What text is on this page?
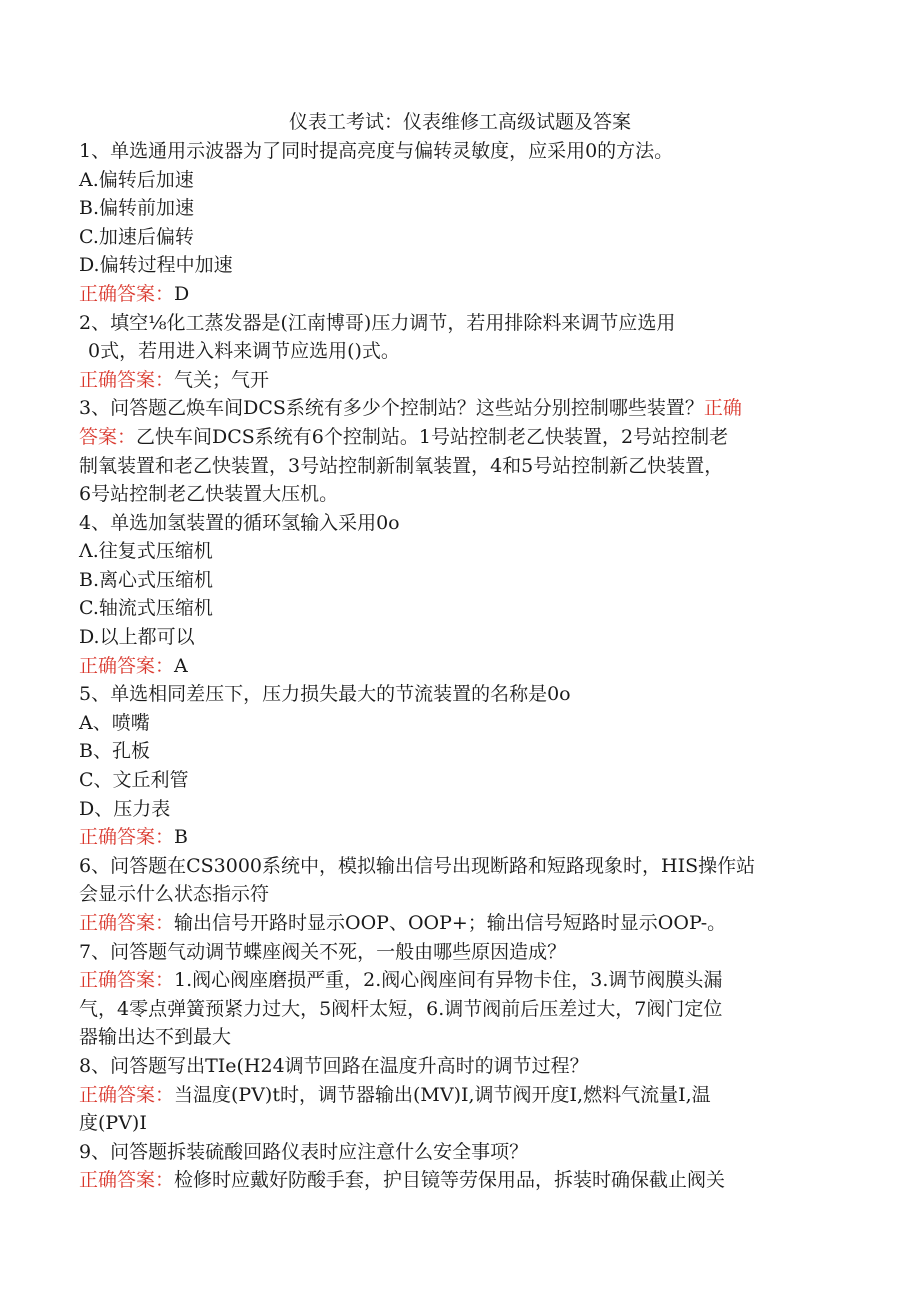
仪表工考试：仪表维修工高级试题及答案
1、单选通用示波器为了同时提高亮度与偏转灵敏度，应采用0的方法。
A.偏转后加速
B.偏转前加速
C.加速后偏转
D.偏转过程中加速
正确答案：D
2、填空⅛化工蒸发器是(江南博哥)压力调节，若用排除料来调节应选用
0式，若用进入料来调节应选用()式。
正确答案：气关；气开
3、问答题乙焕车间DCS系统有多少个控制站？这些站分别控制哪些装置？正确
答案：乙快车间DCS系统有6个控制站。1号站控制老乙快装置，2号站控制老
制氧装置和老乙快装置，3号站控制新制氧装置，4和5号站控制新乙快装置，
6号站控制老乙快装置大压机。
4、单选加氢装置的循环氢输入采用0o
Λ.往复式压缩机
B.离心式压缩机
C.轴流式压缩机
D.以上都可以
正确答案：A
5、单选相同差压下，压力损失最大的节流装置的名称是0o
A、喷嘴
B、孔板
C、文丘利管
D、压力表
正确答案：B
6、问答题在CS3000系统中，模拟输出信号出现断路和短路现象时，HIS操作站
会显示什么状态指示符
正确答案：输出信号开路时显示OOP、OOP+；输出信号短路时显示OOP-。
7、问答题气动调节蝶座阀关不死，一般由哪些原因造成？
正确答案：1.阀心阀座磨损严重，2.阀心阀座间有异物卡住，3.调节阀膜头漏
气，4零点弹簧预紧力过大，5阀杆太短，6.调节阀前后压差过大，7阀门定位
器输出达不到最大
8、问答题写出TIe(H24调节回路在温度升高时的调节过程？
正确答案：当温度(PV)t时，调节器输出(MV)I,调节阀开度I,燃料气流量I,温
度(PV)I
9、问答题拆装硫酸回路仪表时应注意什么安全事项？
正确答案：检修时应戴好防酸手套，护目镜等劳保用品，拆装时确保截止阀关
